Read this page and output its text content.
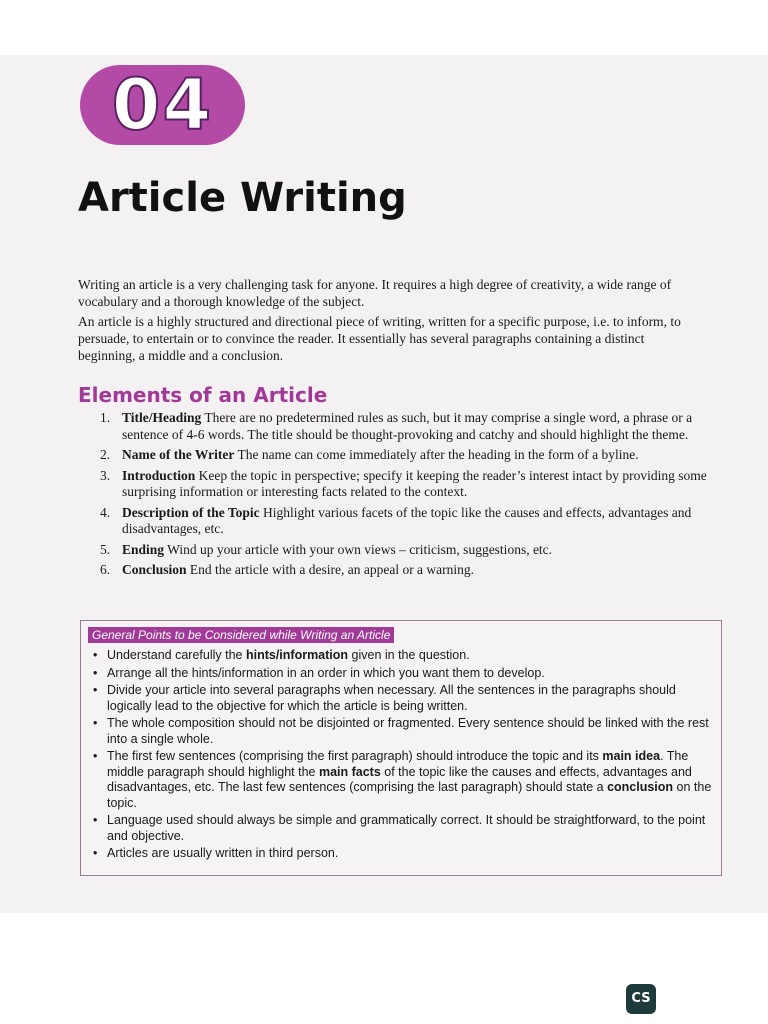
04
Article Writing

Writing an article is a very challenging task for anyone. It requires a high degree of creativity, a wide range of vocabulary and a thorough knowledge of the subject.

An article is a highly structured and directional piece of writing, written for a specific purpose, i.e. to inform, to persuade, to entertain or to convince the reader. It essentially has several paragraphs containing a distinct beginning, a middle and a conclusion.

Elements of an Article
1. Title/Heading There are no predetermined rules as such, but it may comprise a single word, a phrase or a sentence of 4-6 words. The title should be thought-provoking and catchy and should highlight the theme.
2. Name of the Writer The name can come immediately after the heading in the form of a byline.
3. Introduction Keep the topic in perspective; specify it keeping the reader’s interest intact by providing some surprising information or interesting facts related to the context.
4. Description of the Topic Highlight various facets of the topic like the causes and effects, advantages and disadvantages, etc.
5. Ending Wind up your article with your own views – criticism, suggestions, etc.
6. Conclusion End the article with a desire, an appeal or a warning.
General Points to be Considered while Writing an Article
• Understand carefully the hints/information given in the question.
• Arrange all the hints/information in an order in which you want them to develop.
• Divide your article into several paragraphs when necessary. All the sentences in the paragraphs should logically lead to the objective for which the article is being written.
• The whole composition should not be disjointed or fragmented. Every sentence should be linked with the rest into a single whole.
• The first few sentences (comprising the first paragraph) should introduce the topic and its main idea. The middle paragraph should highlight the main facts of the topic like the causes and effects, advantages and disadvantages, etc. The last few sentences (comprising the last paragraph) should state a conclusion on the topic.
• Language used should always be simple and grammatically correct. It should be straightforward, to the point and objective.
• Articles are usually written in third person.
CS
